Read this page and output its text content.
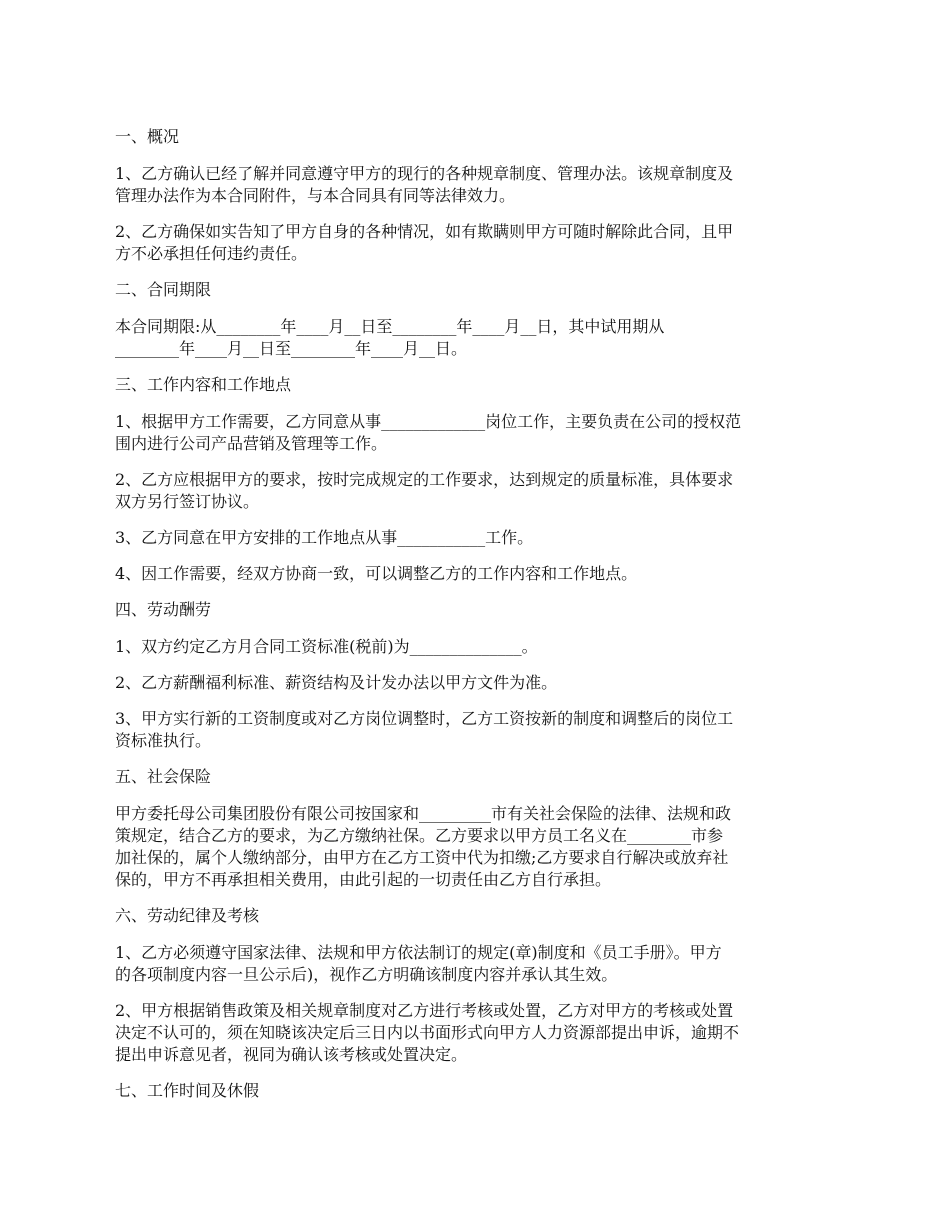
一、概况
1、乙方确认已经了解并同意遵守甲方的现行的各种规章制度、管理办法。该规章制度及
管理办法作为本合同附件，与本合同具有同等法律效力。
2、乙方确保如实告知了甲方自身的各种情况，如有欺瞒则甲方可随时解除此合同，且甲
方不必承担任何违约责任。
二、合同期限
本合同期限:从________年____月__日至________年____月__日，其中试用期从
________年____月__日至________年____月__日。
三、工作内容和工作地点
1、根据甲方工作需要，乙方同意从事_____________岗位工作，主要负责在公司的授权范
围内进行公司产品营销及管理等工作。
2、乙方应根据甲方的要求，按时完成规定的工作要求，达到规定的质量标准，具体要求
双方另行签订协议。
3、乙方同意在甲方安排的工作地点从事___________工作。
4、因工作需要，经双方协商一致，可以调整乙方的工作内容和工作地点。
四、劳动酬劳
1、双方约定乙方月合同工资标准(税前)为______________。
2、乙方薪酬福利标准、薪资结构及计发办法以甲方文件为准。
3、甲方实行新的工资制度或对乙方岗位调整时，乙方工资按新的制度和调整后的岗位工
资标准执行。
五、社会保险
甲方委托母公司集团股份有限公司按国家和_________市有关社会保险的法律、法规和政
策规定，结合乙方的要求，为乙方缴纳社保。乙方要求以甲方员工名义在________市参
加社保的，属个人缴纳部分，由甲方在乙方工资中代为扣缴;乙方要求自行解决或放弃社
保的，甲方不再承担相关费用，由此引起的一切责任由乙方自行承担。
六、劳动纪律及考核
1、乙方必须遵守国家法律、法规和甲方依法制订的规定(章)制度和《员工手册》。甲方
的各项制度内容一旦公示后)，视作乙方明确该制度内容并承认其生效。
2、甲方根据销售政策及相关规章制度对乙方进行考核或处置，乙方对甲方的考核或处置
决定不认可的，须在知晓该决定后三日内以书面形式向甲方人力资源部提出申诉，逾期不
提出申诉意见者，视同为确认该考核或处置决定。
七、工作时间及休假
